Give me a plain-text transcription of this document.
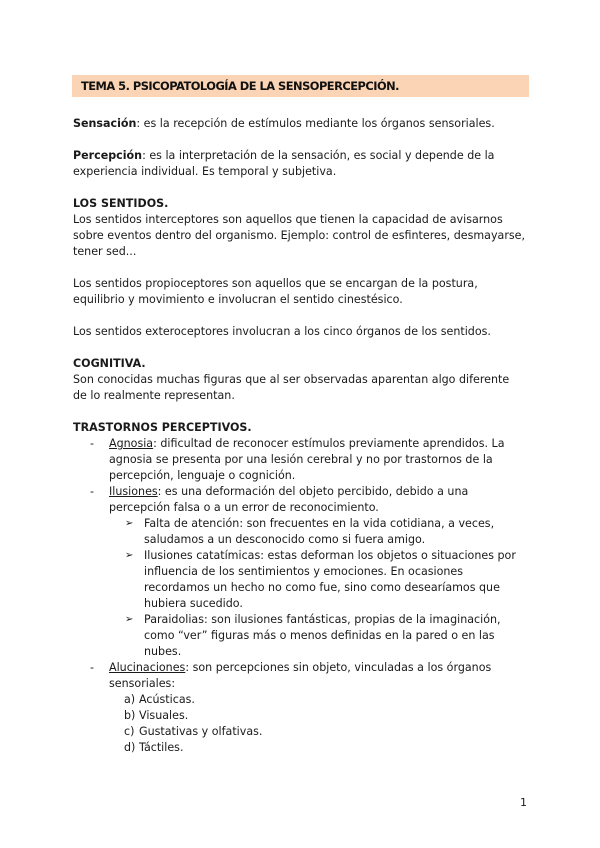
TEMA 5. PSICOPATOLOGÍA DE LA SENSOPERCEPCIÓN.

Sensación: es la recepción de estímulos mediante los órganos sensoriales.

Percepción: es la interpretación de la sensación, es social y depende de la

experiencia individual. Es temporal y subjetiva.

LOS SENTIDOS.

Los sentidos interceptores son aquellos que tienen la capacidad de avisarnos

sobre eventos dentro del organismo. Ejemplo: control de esfinteres, desmayarse,

tener sed...

Los sentidos propioceptores son aquellos que se encargan de la postura,

equilibrio y movimiento e involucran el sentido cinestésico.

Los sentidos exteroceptores involucran a los cinco órganos de los sentidos.

COGNITIVA.

Son conocidas muchas figuras que al ser observadas aparentan algo diferente

de lo realmente representan.

TRASTORNOS PERCEPTIVOS.

- Agnosia: dificultad de reconocer estímulos previamente aprendidos. La

agnosia se presenta por una lesión cerebral y no por trastornos de la

percepción, lenguaje o cognición.

- Ilusiones: es una deformación del objeto percibido, debido a una

percepción falsa o a un error de reconocimiento.

➢ Falta de atención: son frecuentes en la vida cotidiana, a veces,

saludamos a un desconocido como si fuera amigo.

➢ Ilusiones catatímicas: estas deforman los objetos o situaciones por

influencia de los sentimientos y emociones. En ocasiones

recordamos un hecho no como fue, sino como desearíamos que

hubiera sucedido.

➢ Paraidolias: son ilusiones fantásticas, propias de la imaginación,

como “ver” figuras más o menos definidas en la pared o en las

nubes.

- Alucinaciones: son percepciones sin objeto, vinculadas a los órganos

sensoriales:

a) Acústicas.

b) Visuales.

c) Gustativas y olfativas.

d) Táctiles.

1
